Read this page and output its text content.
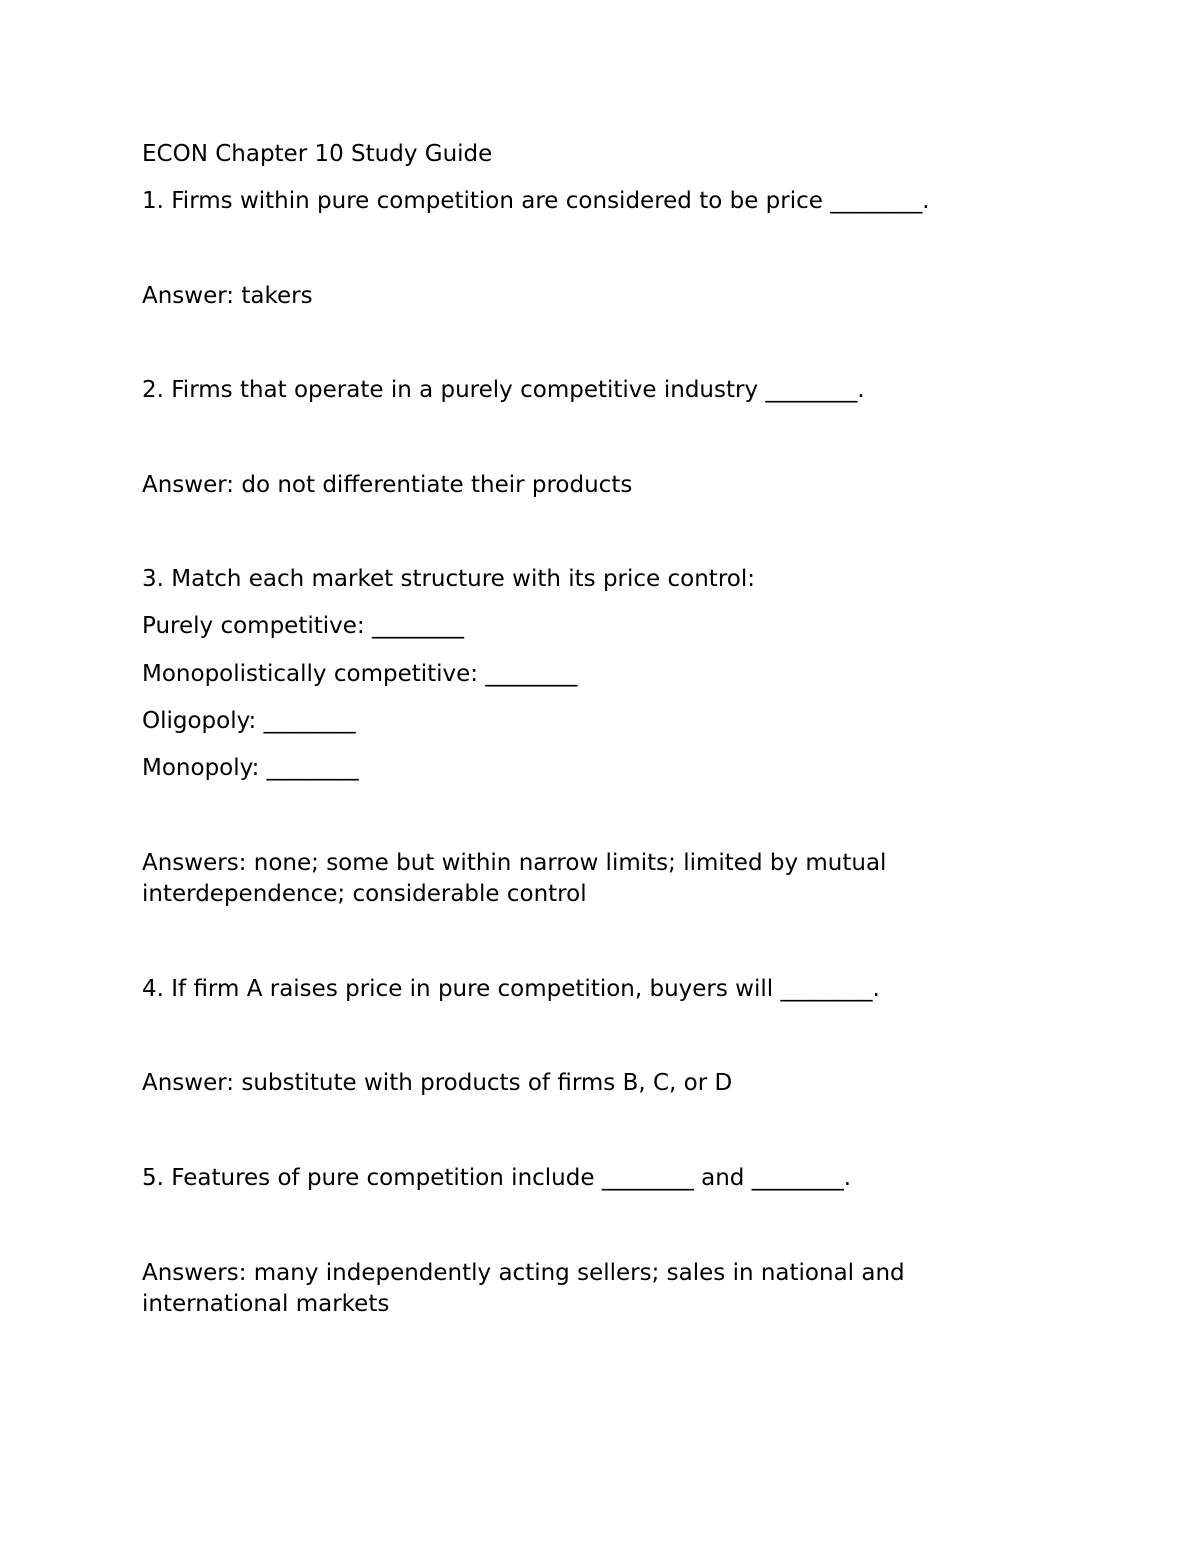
ECON Chapter 10 Study Guide

1. Firms within pure competition are considered to be price ________.

Answer: takers

2. Firms that operate in a purely competitive industry ________.

Answer: do not differentiate their products

3. Match each market structure with its price control:

Purely competitive: ________

Monopolistically competitive: ________

Oligopoly: ________

Monopoly: ________

Answers: none; some but within narrow limits; limited by mutual interdependence; considerable control

4. If firm A raises price in pure competition, buyers will ________.

Answer: substitute with products of firms B, C, or D

5. Features of pure competition include ________ and ________.

Answers: many independently acting sellers; sales in national and international markets
